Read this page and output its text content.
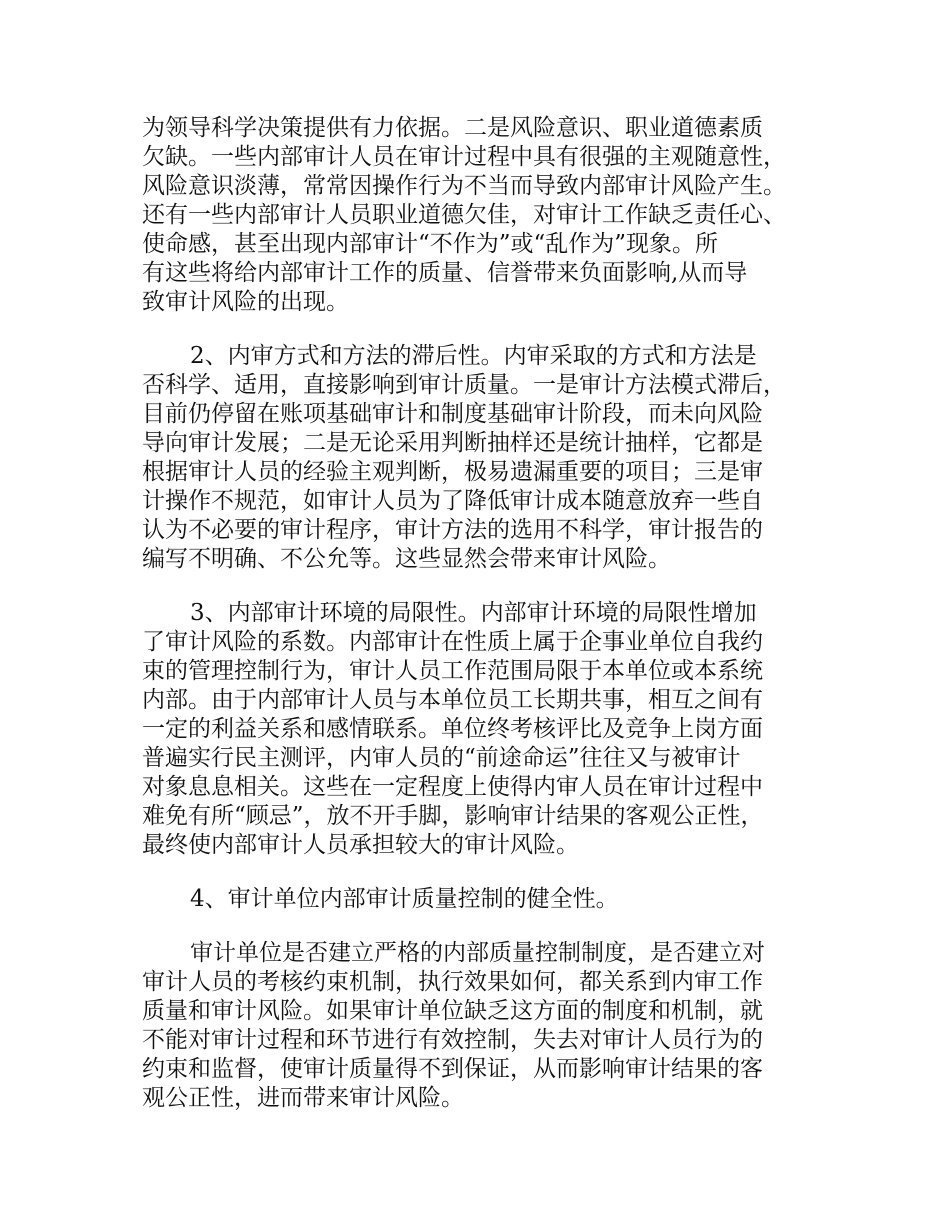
为领导科学决策提供有力依据。二是风险意识、职业道德素质
欠缺。一些内部审计人员在审计过程中具有很强的主观随意性，
风险意识淡薄，常常因操作行为不当而导致内部审计风险产生。
还有一些内部审计人员职业道德欠佳，对审计工作缺乏责任心、
使命感，甚至出现内部审计“不作为”或“乱作为”现象。所
有这些将给内部审计工作的质量、信誉带来负面影响,从而导
致审计风险的出现。
2、内审方式和方法的滞后性。内审采取的方式和方法是
否科学、适用，直接影响到审计质量。一是审计方法模式滞后，
目前仍停留在账项基础审计和制度基础审计阶段，而未向风险
导向审计发展；二是无论采用判断抽样还是统计抽样，它都是
根据审计人员的经验主观判断，极易遗漏重要的项目；三是审
计操作不规范，如审计人员为了降低审计成本随意放弃一些自
认为不必要的审计程序，审计方法的选用不科学，审计报告的
编写不明确、不公允等。这些显然会带来审计风险。
3、内部审计环境的局限性。内部审计环境的局限性增加
了审计风险的系数。内部审计在性质上属于企事业单位自我约
束的管理控制行为，审计人员工作范围局限于本单位或本系统
内部。由于内部审计人员与本单位员工长期共事，相互之间有
一定的利益关系和感情联系。单位终考核评比及竞争上岗方面
普遍实行民主测评，内审人员的“前途命运”往往又与被审计
对象息息相关。这些在一定程度上使得内审人员在审计过程中
难免有所“顾忌”，放不开手脚，影响审计结果的客观公正性，
最终使内部审计人员承担较大的审计风险。
4、审计单位内部审计质量控制的健全性。
审计单位是否建立严格的内部质量控制制度，是否建立对
审计人员的考核约束机制，执行效果如何，都关系到内审工作
质量和审计风险。如果审计单位缺乏这方面的制度和机制，就
不能对审计过程和环节进行有效控制，失去对审计人员行为的
约束和监督，使审计质量得不到保证，从而影响审计结果的客
观公正性，进而带来审计风险。
